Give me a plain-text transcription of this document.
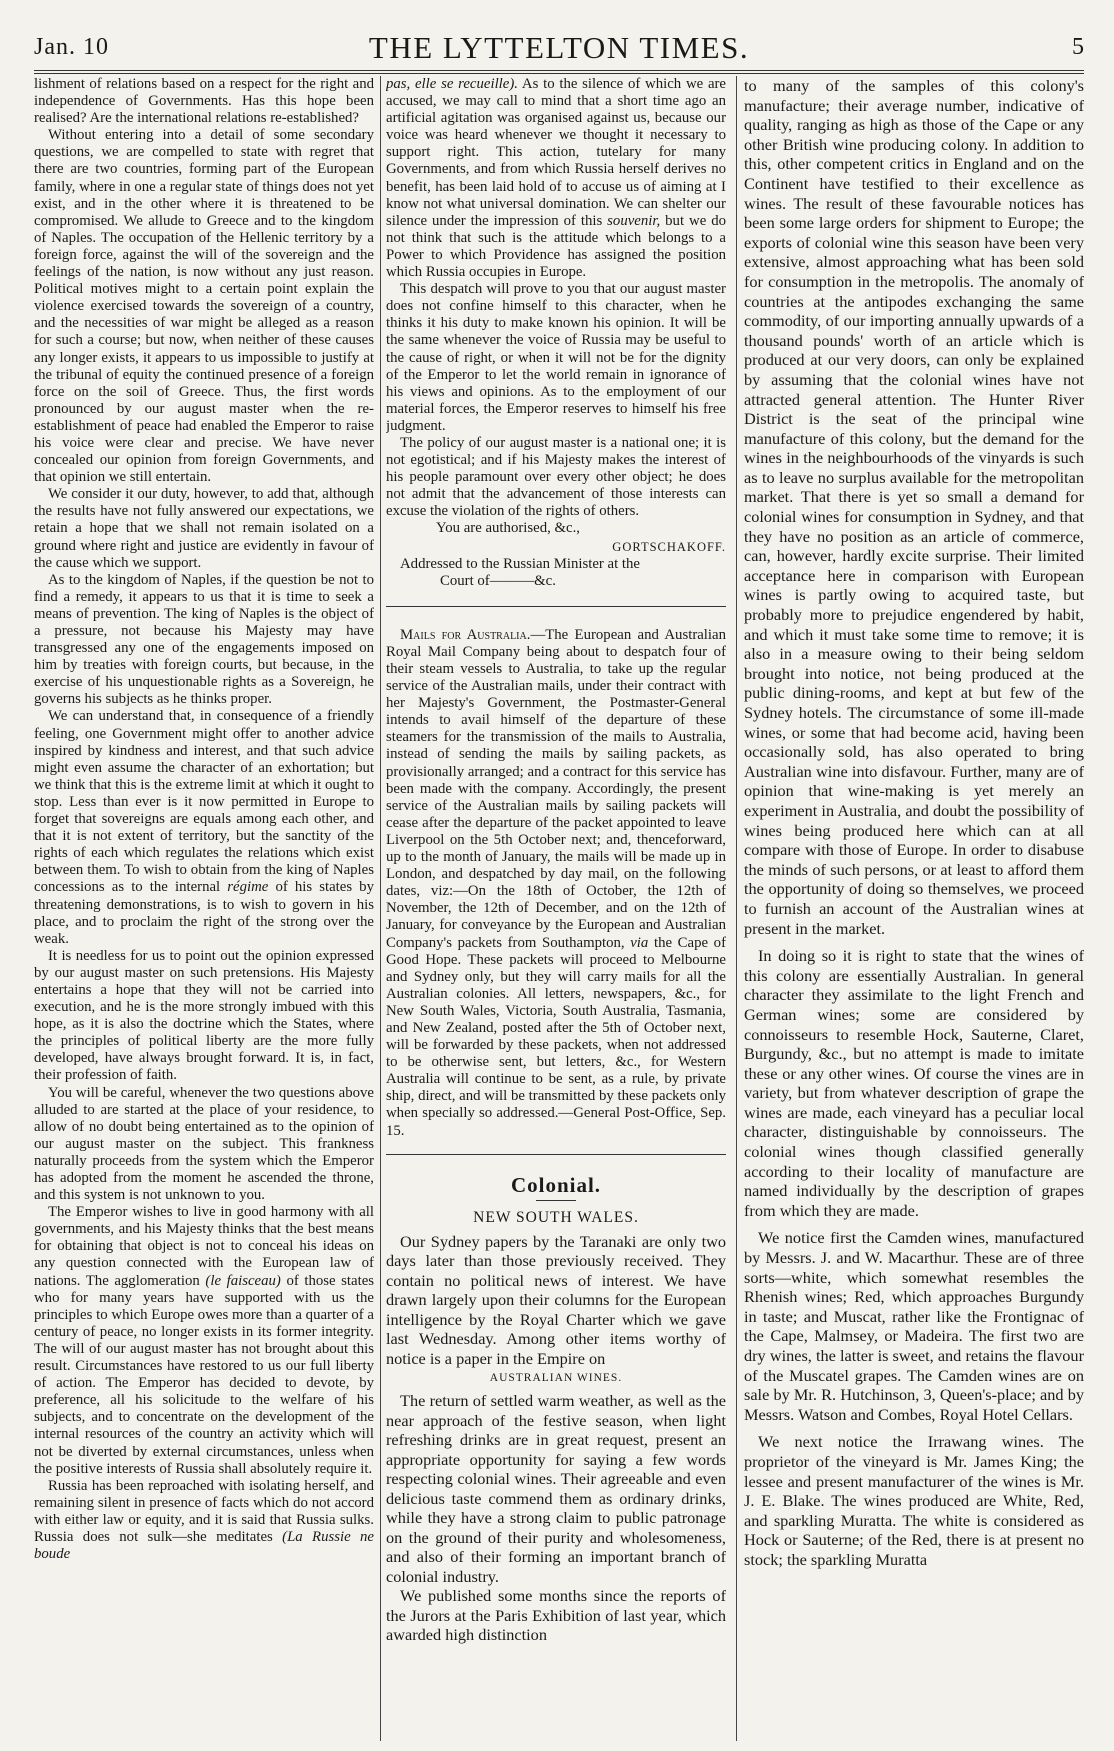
Jan. 10	THE LYTTELTON TIMES.	5

lishment of relations based on a respect for the right and independence of Governments. Has this hope been realised? Are the international relations re-established?

Without entering into a detail of some secondary questions, we are compelled to state with regret that there are two countries, forming part of the European family, where in one a regular state of things does not yet exist, and in the other where it is threatened to be compromised. We allude to Greece and to the kingdom of Naples. The occupation of the Hellenic territory by a foreign force, against the will of the sovereign and the feelings of the nation, is now without any just reason. Political motives might to a certain point explain the violence exercised towards the sovereign of a country, and the necessities of war might be alleged as a reason for such a course; but now, when neither of these causes any longer exists, it appears to us impossible to justify at the tribunal of equity the continued presence of a foreign force on the soil of Greece. Thus, the first words pronounced by our august master when the re-establishment of peace had enabled the Emperor to raise his voice were clear and precise. We have never concealed our opinion from foreign Governments, and that opinion we still entertain.

We consider it our duty, however, to add that, although the results have not fully answered our expectations, we retain a hope that we shall not remain isolated on a ground where right and justice are evidently in favour of the cause which we support.

As to the kingdom of Naples, if the question be not to find a remedy, it appears to us that it is time to seek a means of prevention. The king of Naples is the object of a pressure, not because his Majesty may have transgressed any one of the engagements imposed on him by treaties with foreign courts, but because, in the exercise of his unquestionable rights as a Sovereign, he governs his subjects as he thinks proper.

We can understand that, in consequence of a friendly feeling, one Government might offer to another advice inspired by kindness and interest, and that such advice might even assume the character of an exhortation; but we think that this is the extreme limit at which it ought to stop. Less than ever is it now permitted in Europe to forget that sovereigns are equals among each other, and that it is not extent of territory, but the sanctity of the rights of each which regulates the relations which exist between them. To wish to obtain from the king of Naples concessions as to the internal régime of his states by threatening demonstrations, is to wish to govern in his place, and to proclaim the right of the strong over the weak.

It is needless for us to point out the opinion expressed by our august master on such pretensions. His Majesty entertains a hope that they will not be carried into execution, and he is the more strongly imbued with this hope, as it is also the doctrine which the States, where the principles of political liberty are the more fully developed, have always brought forward. It is, in fact, their profession of faith.

You will be careful, whenever the two questions above alluded to are started at the place of your residence, to allow of no doubt being entertained as to the opinion of our august master on the subject. This frankness naturally proceeds from the system which the Emperor has adopted from the moment he ascended the throne, and this system is not unknown to you.

The Emperor wishes to live in good harmony with all governments, and his Majesty thinks that the best means for obtaining that object is not to conceal his ideas on any question connected with the European law of nations. The agglomeration (le faisceau) of those states who for many years have supported with us the principles to which Europe owes more than a quarter of a century of peace, no longer exists in its former integrity. The will of our august master has not brought about this result. Circumstances have restored to us our full liberty of action. The Emperor has decided to devote, by preference, all his solicitude to the welfare of his subjects, and to concentrate on the development of the internal resources of the country an activity which will not be diverted by external circumstances, unless when the positive interests of Russia shall absolutely require it.

Russia has been reproached with isolating herself, and remaining silent in presence of facts which do not accord with either law or equity, and it is said that Russia sulks. Russia does not sulk—she meditates (La Russie ne boude

pas, elle se recueille). As to the silence of which we are accused, we may call to mind that a short time ago an artificial agitation was organised against us, because our voice was heard whenever we thought it necessary to support right. This action, tutelary for many Governments, and from which Russia herself derives no benefit, has been laid hold of to accuse us of aiming at I know not what universal domination. We can shelter our silence under the impression of this souvenir, but we do not think that such is the attitude which belongs to a Power to which Providence has assigned the position which Russia occupies in Europe.

This despatch will prove to you that our august master does not confine himself to this character, when he thinks it his duty to make known his opinion. It will be the same whenever the voice of Russia may be useful to the cause of right, or when it will not be for the dignity of the Emperor to let the world remain in ignorance of his views and opinions. As to the employment of our material forces, the Emperor reserves to himself his free judgment.

The policy of our august master is a national one; it is not egotistical; and if his Majesty makes the interest of his people paramount over every other object; he does not admit that the advancement of those interests can excuse the violation of the rights of others.

You are authorised, &c.,

GORTSCHAKOFF.

Addressed to the Russian Minister at the

Court of———&c.

Mails for Australia.—The European and Australian Royal Mail Company being about to despatch four of their steam vessels to Australia, to take up the regular service of the Australian mails, under their contract with her Majesty's Government, the Postmaster-General intends to avail himself of the departure of these steamers for the transmission of the mails to Australia, instead of sending the mails by sailing packets, as provisionally arranged; and a contract for this service has been made with the company. Accordingly, the present service of the Australian mails by sailing packets will cease after the departure of the packet appointed to leave Liverpool on the 5th October next; and, thenceforward, up to the month of January, the mails will be made up in London, and despatched by day mail, on the following dates, viz:—On the 18th of October, the 12th of November, the 12th of December, and on the 12th of January, for conveyance by the European and Australian Company's packets from Southampton, via the Cape of Good Hope. These packets will proceed to Melbourne and Sydney only, but they will carry mails for all the Australian colonies. All letters, newspapers, &c., for New South Wales, Victoria, South Australia, Tasmania, and New Zealand, posted after the 5th of October next, will be forwarded by these packets, when not addressed to be otherwise sent, but letters, &c., for Western Australia will continue to be sent, as a rule, by private ship, direct, and will be transmitted by these packets only when specially so addressed.—General Post-Office, Sep. 15.

Colonial.
NEW SOUTH WALES.

Our Sydney papers by the Taranaki are only two days later than those previously received. They contain no political news of interest. We have drawn largely upon their columns for the European intelligence by the Royal Charter which we gave last Wednesday. Among other items worthy of notice is a paper in the Empire on

AUSTRALIAN WINES.

The return of settled warm weather, as well as the near approach of the festive season, when light refreshing drinks are in great request, present an appropriate opportunity for saying a few words respecting colonial wines. Their agreeable and even delicious taste commend them as ordinary drinks, while they have a strong claim to public patronage on the ground of their purity and wholesomeness, and also of their forming an important branch of colonial industry.

We published some months since the reports of the Jurors at the Paris Exhibition of last year, which awarded high distinction

to many of the samples of this colony's manufacture; their average number, indicative of quality, ranging as high as those of the Cape or any other British wine producing colony. In addition to this, other competent critics in England and on the Continent have testified to their excellence as wines. The result of these favourable notices has been some large orders for shipment to Europe; the exports of colonial wine this season have been very extensive, almost approaching what has been sold for consumption in the metropolis. The anomaly of countries at the antipodes exchanging the same commodity, of our importing annually upwards of a thousand pounds' worth of an article which is produced at our very doors, can only be explained by assuming that the colonial wines have not attracted general attention. The Hunter River District is the seat of the principal wine manufacture of this colony, but the demand for the wines in the neighbourhoods of the vinyards is such as to leave no surplus available for the metropolitan market. That there is yet so small a demand for colonial wines for consumption in Sydney, and that they have no position as an article of commerce, can, however, hardly excite surprise. Their limited acceptance here in comparison with European wines is partly owing to acquired taste, but probably more to prejudice engendered by habit, and which it must take some time to remove; it is also in a measure owing to their being seldom brought into notice, not being produced at the public dining-rooms, and kept at but few of the Sydney hotels. The circumstance of some ill-made wines, or some that had become acid, having been occasionally sold, has also operated to bring Australian wine into disfavour. Further, many are of opinion that wine-making is yet merely an experiment in Australia, and doubt the possibility of wines being produced here which can at all compare with those of Europe. In order to disabuse the minds of such persons, or at least to afford them the opportunity of doing so themselves, we proceed to furnish an account of the Australian wines at present in the market.

In doing so it is right to state that the wines of this colony are essentially Australian. In general character they assimilate to the light French and German wines; some are considered by connoisseurs to resemble Hock, Sauterne, Claret, Burgundy, &c., but no attempt is made to imitate these or any other wines. Of course the vines are in variety, but from whatever description of grape the wines are made, each vineyard has a peculiar local character, distinguishable by connoisseurs. The colonial wines though classified generally according to their locality of manufacture are named individually by the description of grapes from which they are made.

We notice first the Camden wines, manufactured by Messrs. J. and W. Macarthur. These are of three sorts—white, which somewhat resembles the Rhenish wines; Red, which approaches Burgundy in taste; and Muscat, rather like the Frontignac of the Cape, Malmsey, or Madeira. The first two are dry wines, the latter is sweet, and retains the flavour of the Muscatel grapes. The Camden wines are on sale by Mr. R. Hutchinson, 3, Queen's-place; and by Messrs. Watson and Combes, Royal Hotel Cellars.

We next notice the Irrawang wines. The proprietor of the vineyard is Mr. James King; the lessee and present manufacturer of the wines is Mr. J. E. Blake. The wines produced are White, Red, and sparkling Muratta. The white is considered as Hock or Sauterne; of the Red, there is at present no stock; the sparkling Muratta
